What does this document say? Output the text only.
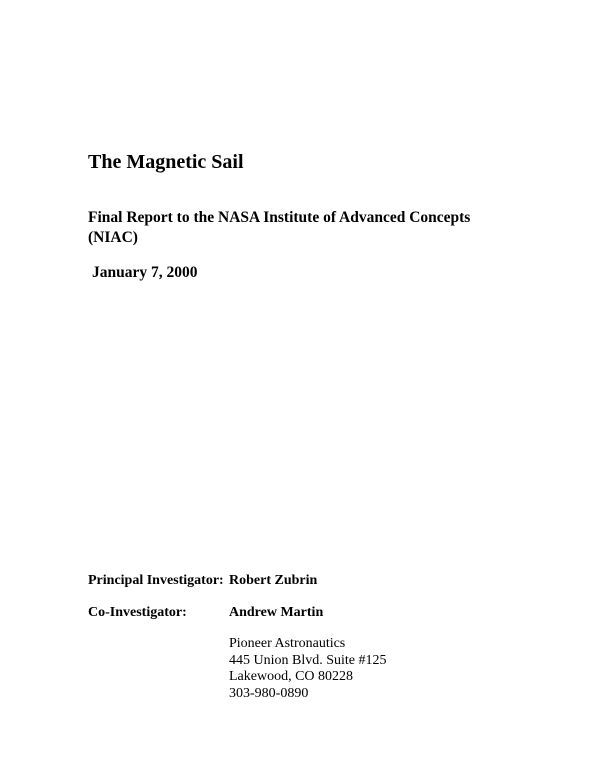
The Magnetic Sail
Final Report to the NASA Institute of Advanced Concepts
(NIAC)
January 7, 2000
Principal Investigator: Robert Zubrin
Co-Investigator:	Andrew Martin
Pioneer Astronautics
445 Union Blvd. Suite #125
Lakewood, CO 80228
303-980-0890
